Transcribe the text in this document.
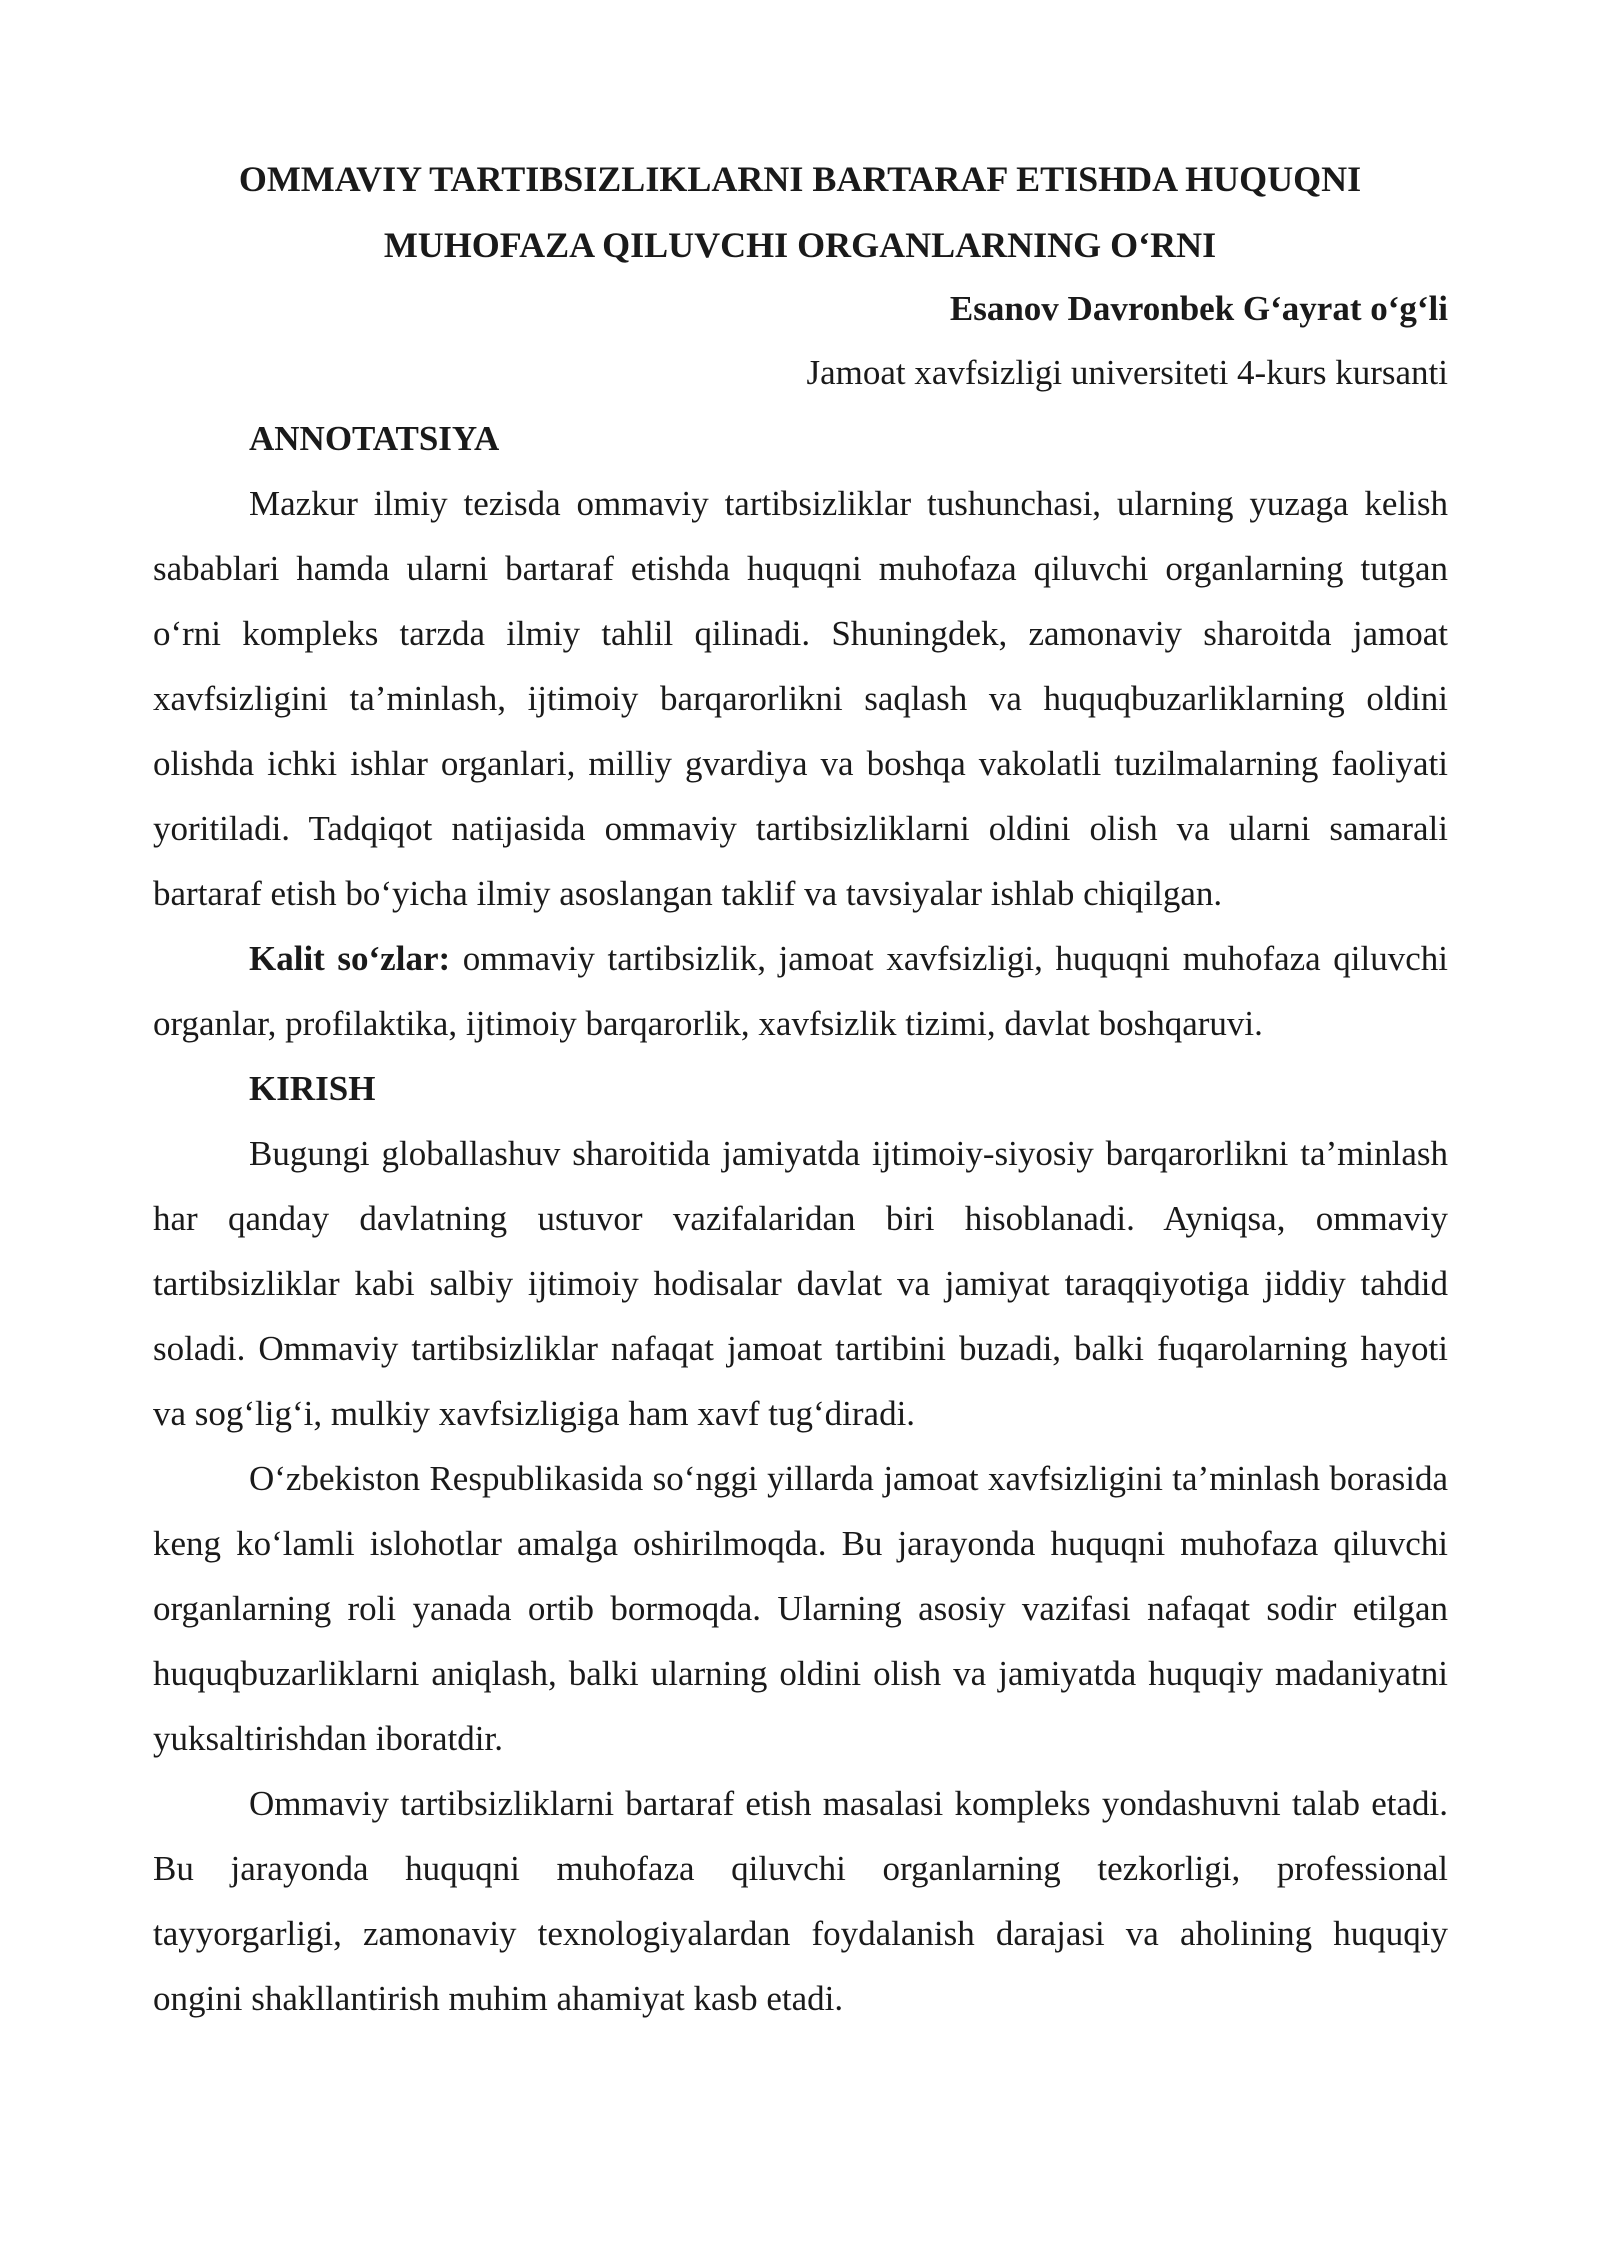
OMMAVIY TARTIBSIZLIKLARNI BARTARAF ETISHDA HUQUQNI
MUHOFAZA QILUVCHI ORGANLARNING O‘RNI

Esanov Davronbek G‘ayrat o‘g‘li

Jamoat xavfsizligi universiteti 4-kurs kursanti

ANNOTATSIYA

Mazkur ilmiy tezisda ommaviy tartibsizliklar tushunchasi, ularning yuzaga kelish sabablari hamda ularni bartaraf etishda huquqni muhofaza qiluvchi organlarning tutgan o‘rni kompleks tarzda ilmiy tahlil qilinadi. Shuningdek, zamonaviy sharoitda jamoat xavfsizligini ta’minlash, ijtimoiy barqarorlikni saqlash va huquqbuzarliklarning oldini olishda ichki ishlar organlari, milliy gvardiya va boshqa vakolatli tuzilmalarning faoliyati yoritiladi. Tadqiqot natijasida ommaviy tartibsizliklarni oldini olish va ularni samarali bartaraf etish bo‘yicha ilmiy asoslangan taklif va tavsiyalar ishlab chiqilgan.

Kalit so‘zlar: ommaviy tartibsizlik, jamoat xavfsizligi, huquqni muhofaza qiluvchi organlar, profilaktika, ijtimoiy barqarorlik, xavfsizlik tizimi, davlat boshqaruvi.

KIRISH

Bugungi globallashuv sharoitida jamiyatda ijtimoiy-siyosiy barqarorlikni ta’minlash har qanday davlatning ustuvor vazifalaridan biri hisoblanadi. Ayniqsa, ommaviy tartibsizliklar kabi salbiy ijtimoiy hodisalar davlat va jamiyat taraqqiyotiga jiddiy tahdid soladi. Ommaviy tartibsizliklar nafaqat jamoat tartibini buzadi, balki fuqarolarning hayoti va sog‘lig‘i, mulkiy xavfsizligiga ham xavf tug‘diradi.

O‘zbekiston Respublikasida so‘nggi yillarda jamoat xavfsizligini ta’minlash borasida keng ko‘lamli islohotlar amalga oshirilmoqda. Bu jarayonda huquqni muhofaza qiluvchi organlarning roli yanada ortib bormoqda. Ularning asosiy vazifasi nafaqat sodir etilgan huquqbuzarliklarni aniqlash, balki ularning oldini olish va jamiyatda huquqiy madaniyatni yuksaltirishdan iboratdir.

Ommaviy tartibsizliklarni bartaraf etish masalasi kompleks yondashuvni talab etadi. Bu jarayonda huquqni muhofaza qiluvchi organlarning tezkorligi, professional tayyorgarligi, zamonaviy texnologiyalardan foydalanish darajasi va aholining huquqiy ongini shakllantirish muhim ahamiyat kasb etadi.
